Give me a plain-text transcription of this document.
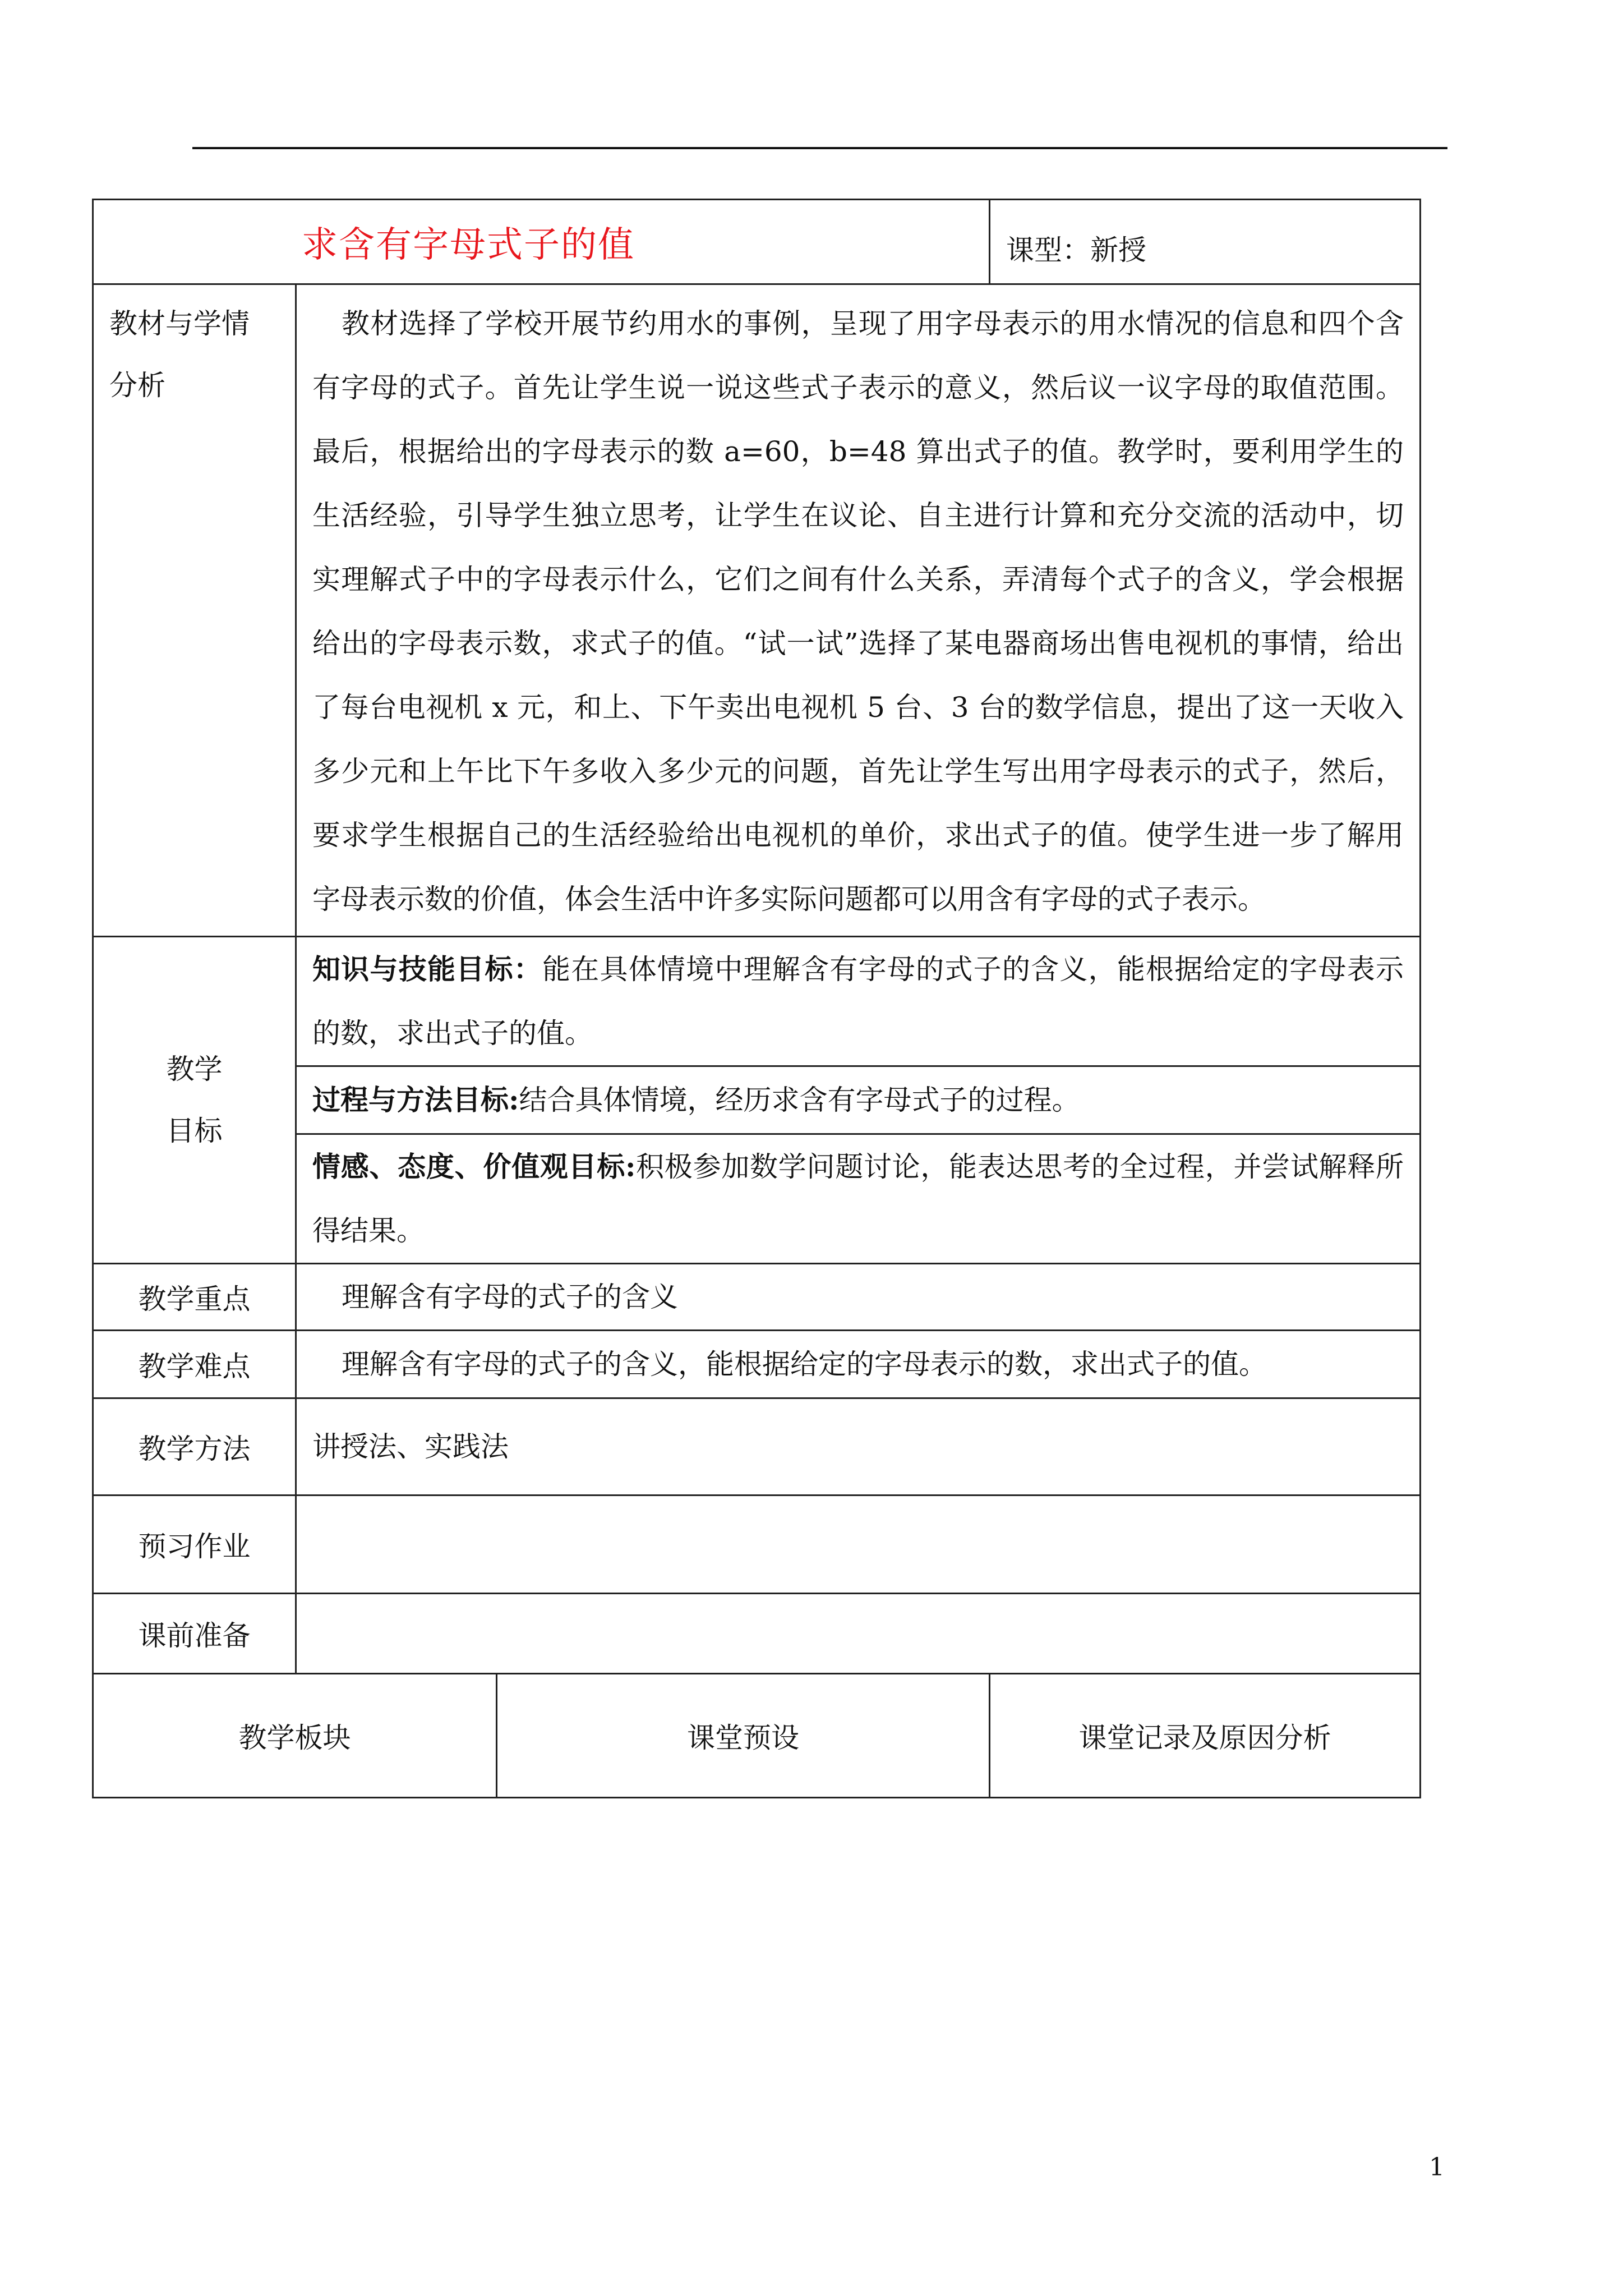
求含有字母式子的值			课型：新授

教材与学情
分析	教材选择了学校开展节约用水的事例，呈现了用字母表示的用水情况的信息和四个含有字母的式子。首先让学生说一说这些式子表示的意义，然后议一议字母的取值范围。最后，根据给出的字母表示的数 a=60，b=48 算出式子的值。教学时，要利用学生的生活经验，引导学生独立思考，让学生在议论、自主进行计算和充分交流的活动中，切实理解式子中的字母表示什么，它们之间有什么关系，弄清每个式子的含义，学会根据给出的字母表示数，求式子的值。“试一试”选择了某电器商场出售电视机的事情，给出了每台电视机 x 元，和上、下午卖出电视机 5 台、3 台的数学信息，提出了这一天收入多少元和上午比下午多收入多少元的问题，首先让学生写出用字母表示的式子，然后，要求学生根据自己的生活经验给出电视机的单价，求出式子的值。使学生进一步了解用字母表示数的价值，体会生活中许多实际问题都可以用含有字母的式子表示。		

教学
目标	知识与技能目标：能在具体情境中理解含有字母的式子的含义，能根据给定的字母表示的数，求出式子的值。		

	过程与方法目标:结合具体情境，经历求含有字母式子的过程。		

	情感、态度、价值观目标:积极参加数学问题讨论，能表达思考的全过程，并尝试解释所得结果。		

教学重点	理解含有字母的式子的含义		

教学难点	理解含有字母的式子的含义，能根据给定的字母表示的数，求出式子的值。		

教学方法	讲授法、实践法		

预习作业			

课前准备			

教学板块		课堂预设	课堂记录及原因分析
1
